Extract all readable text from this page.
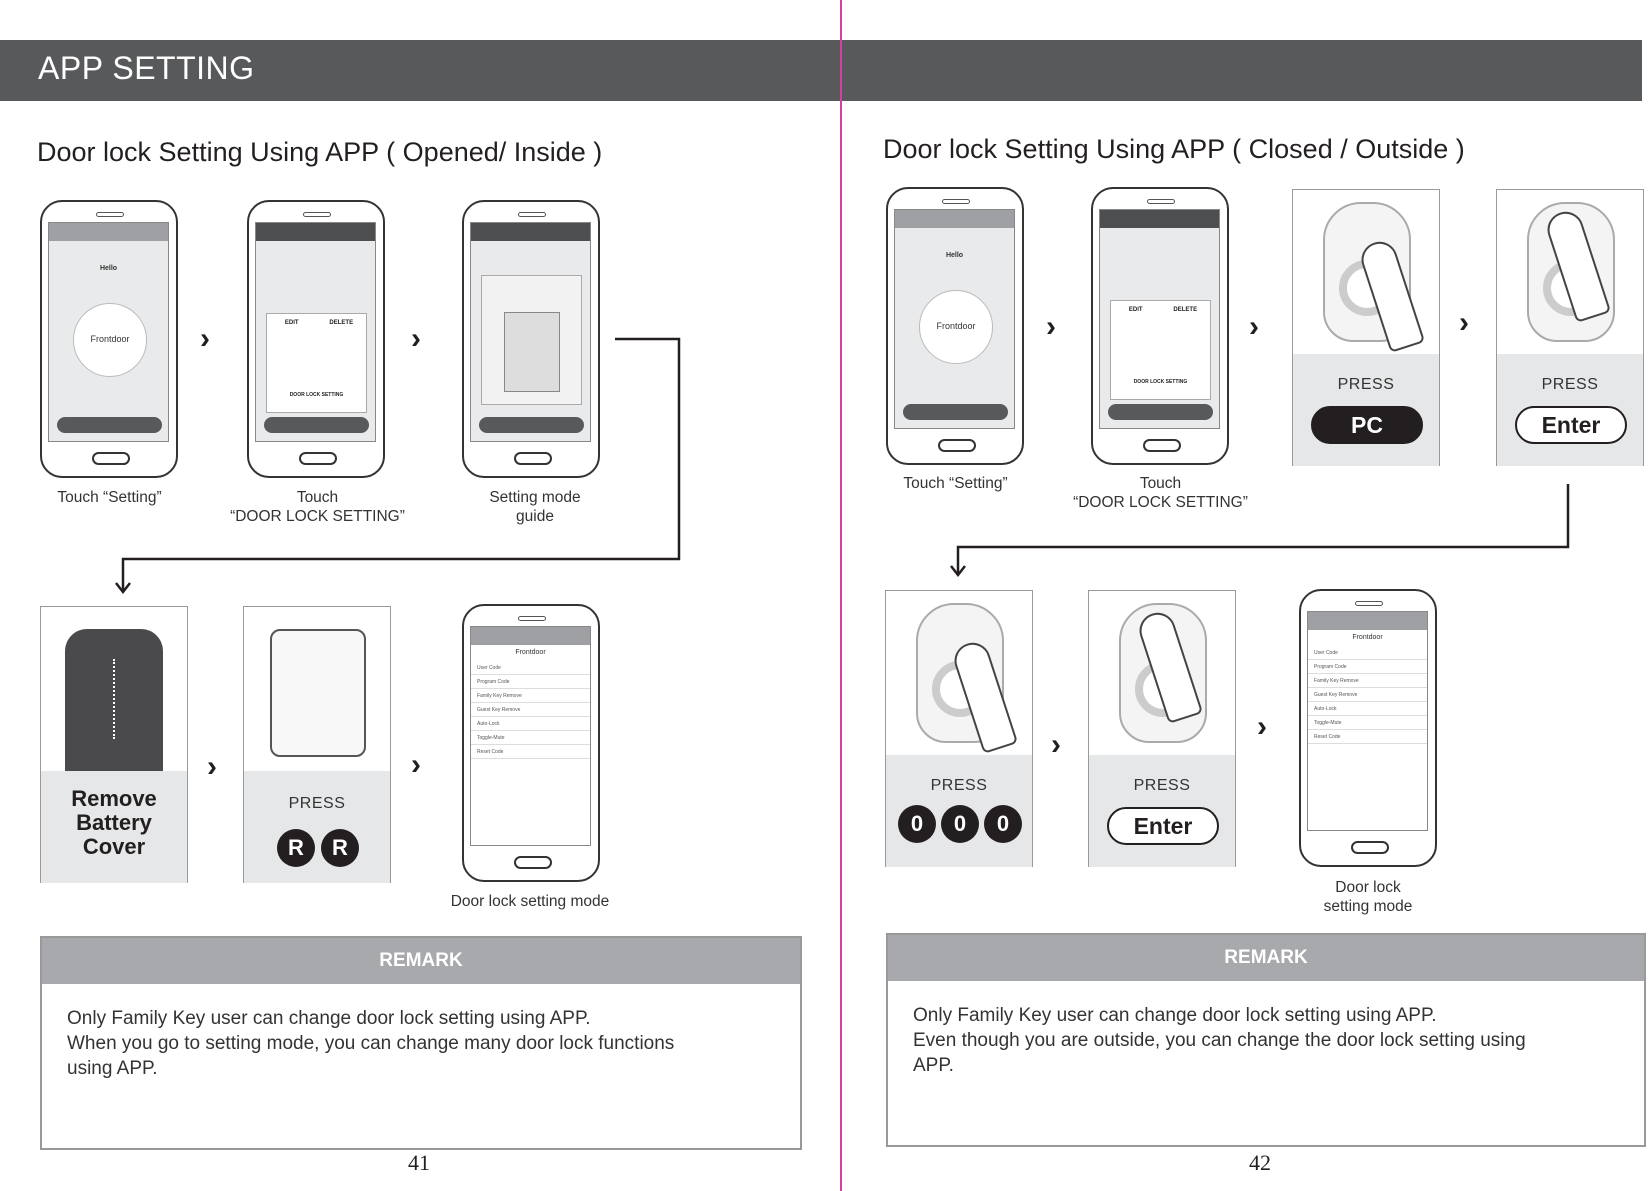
APP SETTING
Door lock Setting Using APP ( Opened/ Inside )
Hello
Frontdoor
Touch “Setting”
›	EDIT	DELETE
DOOR LOCK SETTING
Touch
“DOOR LOCK SETTING”
›
Setting mode
guide
Remove
Battery
Cover
›
PRESS
R	R
›
Frontdoor
User Code
Program Code
Family Key Remove
Guest Key Remove
Auto-Lock
Toggle-Mute
Reset Code
Door lock setting mode
REMARK
Only Family Key user can change door lock setting using APP.
When you go to setting mode, you can change many door lock functions
using APP.
41
Door lock Setting Using APP ( Closed / Outside )
Hello
Frontdoor
Touch “Setting”
›	EDIT	DELETE
DOOR LOCK SETTING
Touch
“DOOR LOCK SETTING”
›
PRESS
PC
›
PRESS
Enter
PRESS
0	0	0
›
PRESS
Enter
›
Frontdoor
User Code
Program Code
Family Key Remove
Guest Key Remove
Auto-Lock
Toggle-Mute
Reset Code
Door lock
setting mode
REMARK
Only Family Key user can change door lock setting using APP.
Even though you are outside, you can change the door lock setting using
APP.
42
